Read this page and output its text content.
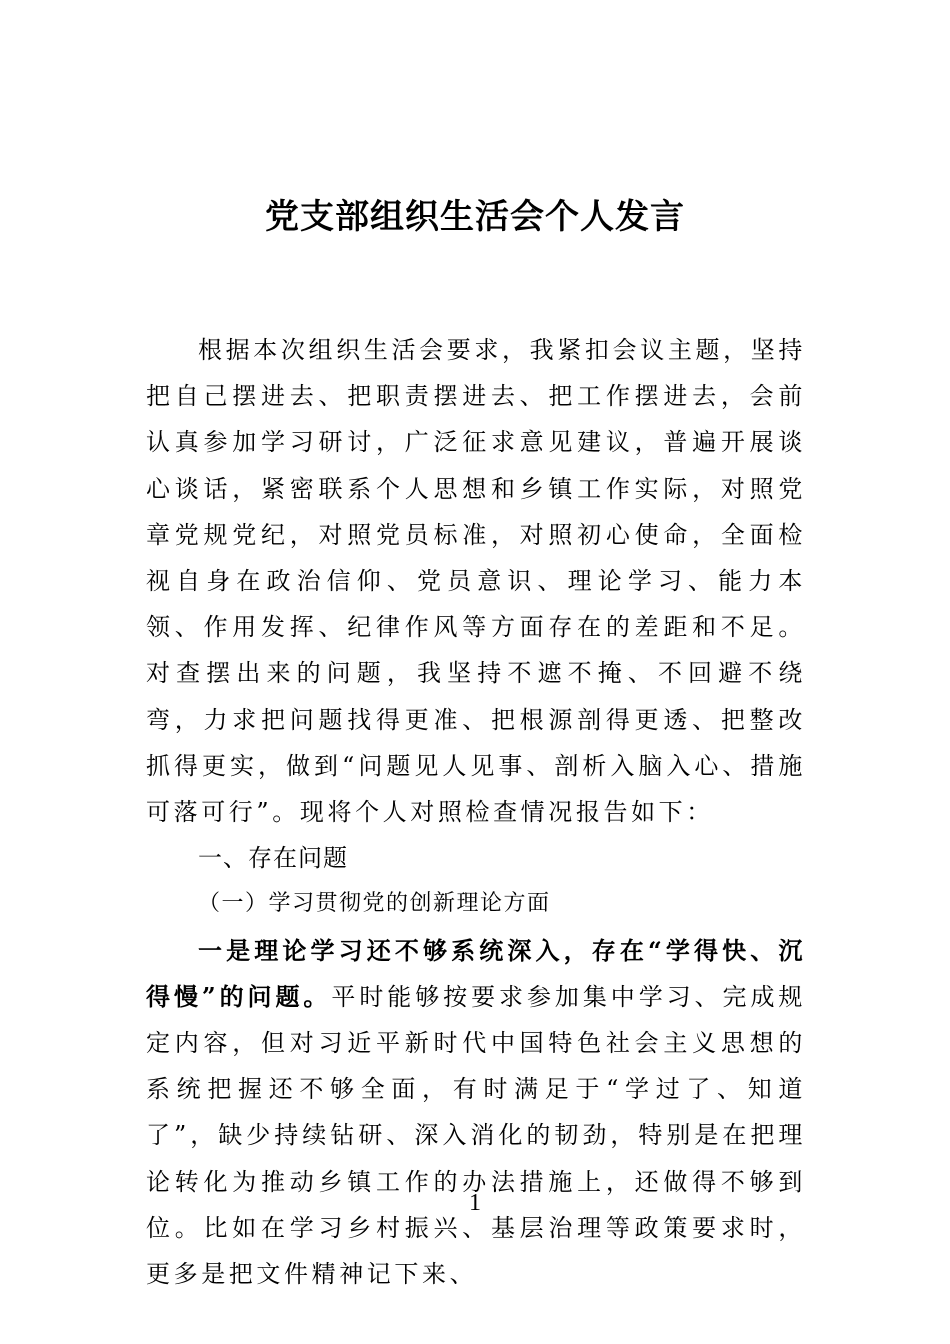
党支部组织生活会个人发言

根据本次组织生活会要求，我紧扣会议主题，坚持把自己摆进去、把职责摆进去、把工作摆进去，会前认真参加学习研讨，广泛征求意见建议，普遍开展谈心谈话，紧密联系个人思想和乡镇工作实际，对照党章党规党纪，对照党员标准，对照初心使命，全面检视自身在政治信仰、党员意识、理论学习、能力本领、作用发挥、纪律作风等方面存在的差距和不足。对查摆出来的问题，我坚持不遮不掩、不回避不绕弯，力求把问题找得更准、把根源剖得更透、把整改抓得更实，做到“问题见人见事、剖析入脑入心、措施可落可行”。现将个人对照检查情况报告如下：

一、存在问题

（一）学习贯彻党的创新理论方面

一是理论学习还不够系统深入，存在“学得快、沉得慢”的问题。平时能够按要求参加集中学习、完成规定内容，但对习近平新时代中国特色社会主义思想的系统把握还不够全面，有时满足于“学过了、知道了”，缺少持续钻研、深入消化的韧劲，特别是在把理论转化为推动乡镇工作的办法措施上，还做得不够到位。比如在学习乡村振兴、基层治理等政策要求时，更多是把文件精神记下来、

1
